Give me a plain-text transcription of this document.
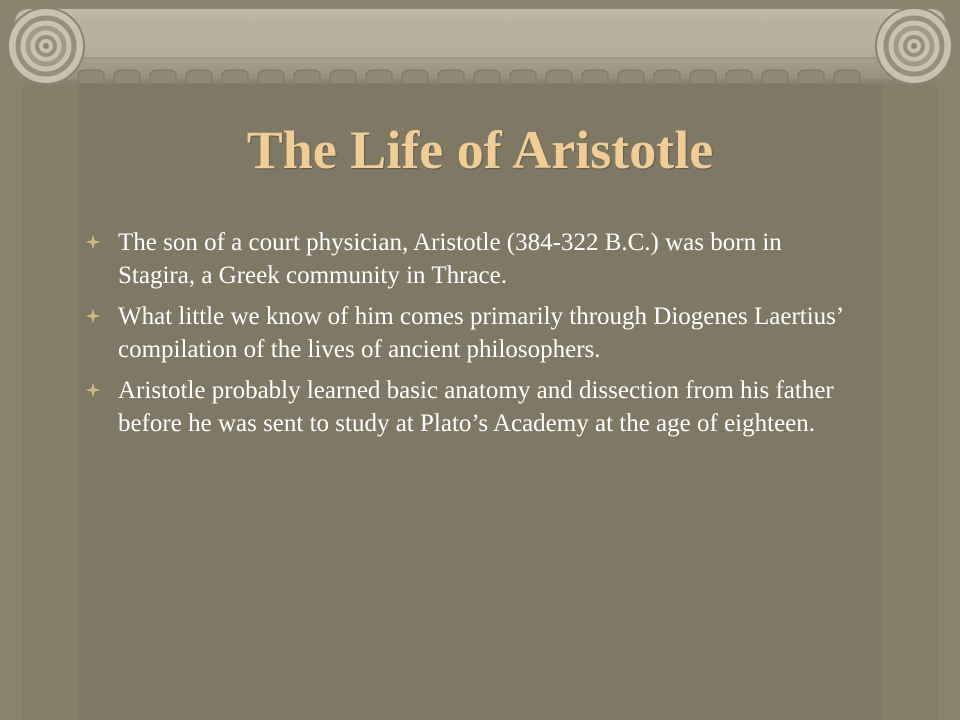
The Life of Aristotle
The son of a court physician, Aristotle (384-322 B.C.) was born in Stagira, a Greek community in Thrace.
What little we know of him comes primarily through Diogenes Laertius’ compilation of the lives of ancient philosophers.
Aristotle probably learned basic anatomy and dissection from his father before he was sent to study at Plato’s Academy at the age of eighteen.
